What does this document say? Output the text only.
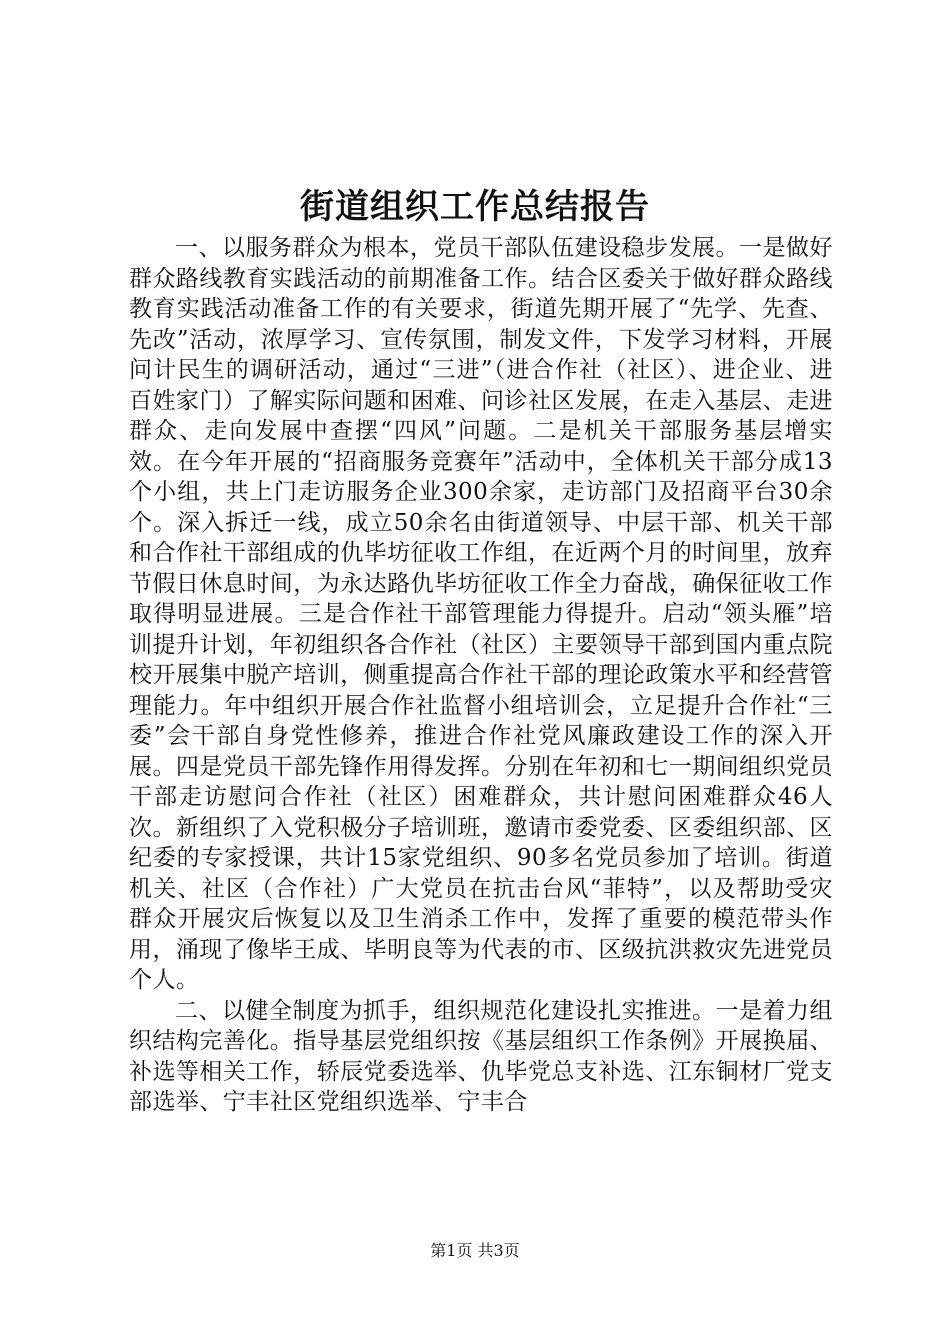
街道组织工作总结报告

一、以服务群众为根本，党员干部队伍建设稳步发展。一是做好群众路线教育实践活动的前期准备工作。结合区委关于做好群众路线教育实践活动准备工作的有关要求，街道先期开展了“先学、先查、先改”活动，浓厚学习、宣传氛围，制发文件，下发学习材料，开展问计民生的调研活动，通过“三进”（进合作社（社区）、进企业、进百姓家门）了解实际问题和困难、问诊社区发展，在走入基层、走进群众、走向发展中查摆“四风”问题。二是机关干部服务基层增实效。在今年开展的“招商服务竞赛年”活动中，全体机关干部分成13个小组，共上门走访服务企业300余家，走访部门及招商平台30余个。深入拆迁一线，成立50余名由街道领导、中层干部、机关干部和合作社干部组成的仇毕坊征收工作组，在近两个月的时间里，放弃节假日休息时间，为永达路仇毕坊征收工作全力奋战，确保征收工作取得明显进展。三是合作社干部管理能力得提升。启动“领头雁”培训提升计划，年初组织各合作社（社区）主要领导干部到国内重点院校开展集中脱产培训，侧重提高合作社干部的理论政策水平和经营管理能力。年中组织开展合作社监督小组培训会，立足提升合作社“三委”会干部自身党性修养，推进合作社党风廉政建设工作的深入开展。四是党员干部先锋作用得发挥。分别在年初和七一期间组织党员干部走访慰问合作社（社区）困难群众，共计慰问困难群众46人次。新组织了入党积极分子培训班，邀请市委党委、区委组织部、区纪委的专家授课，共计15家党组织、90多名党员参加了培训。街道机关、社区（合作社）广大党员在抗击台风“菲特”，以及帮助受灾群众开展灾后恢复以及卫生消杀工作中，发挥了重要的模范带头作用，涌现了像毕王成、毕明良等为代表的市、区级抗洪救灾先进党员个人。

二、以健全制度为抓手，组织规范化建设扎实推进。一是着力组织结构完善化。指导基层党组织按《基层组织工作条例》开展换届、补选等相关工作，轿辰党委选举、仇毕党总支补选、江东铜材厂党支部选举、宁丰社区党组织选举、宁丰合

第1页 共3页
